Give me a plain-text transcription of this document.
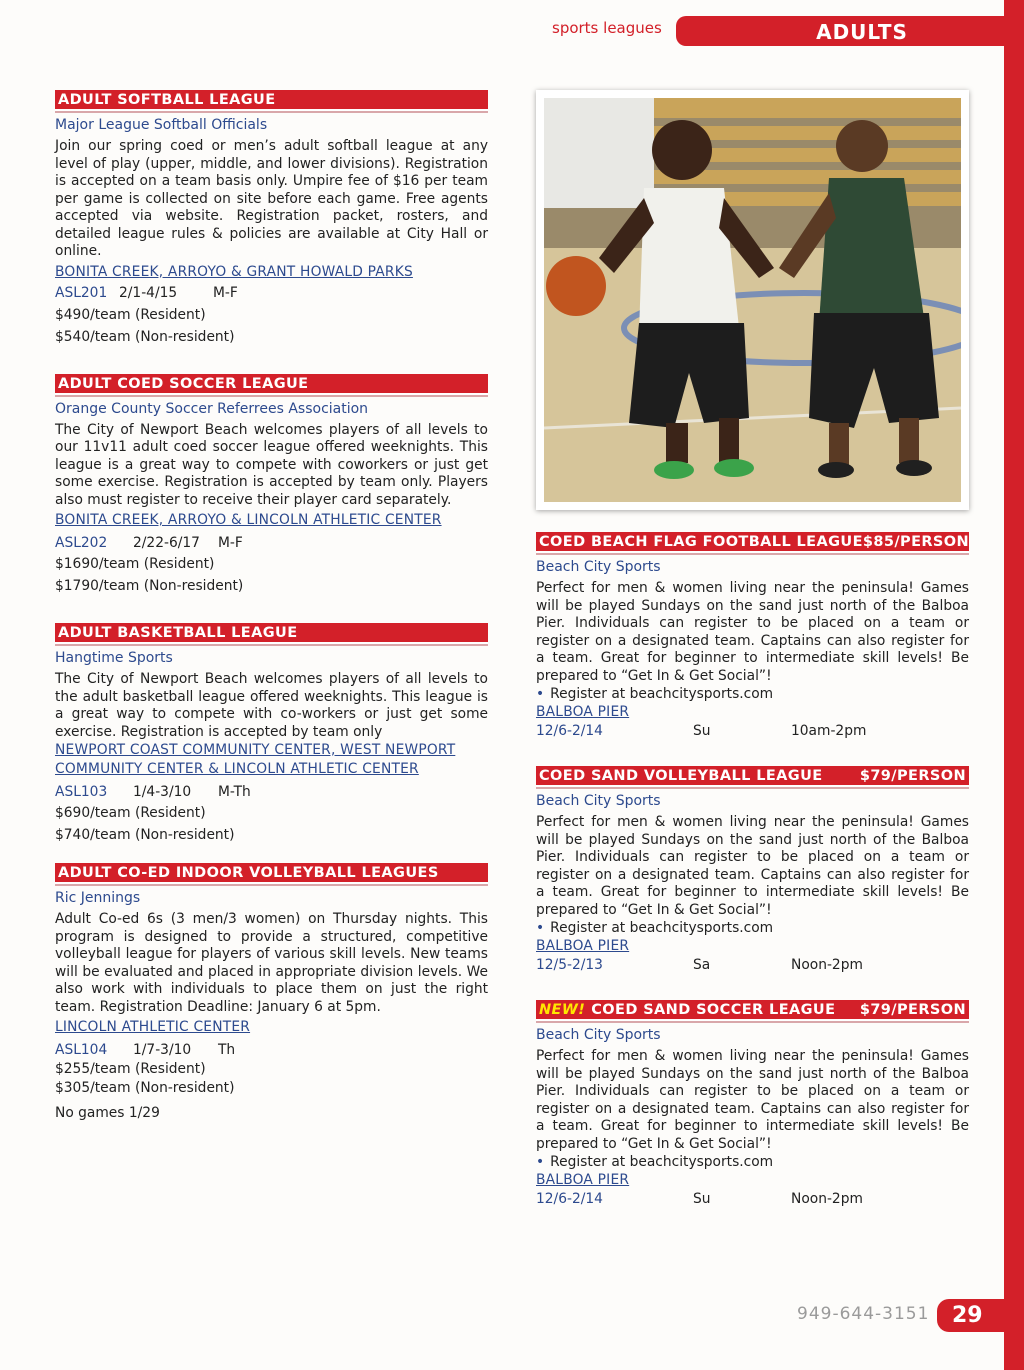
sports leagues	ADULTS
ADULT SOFTBALL LEAGUE
Major League Softball Officials
Join our spring coed or men’s adult softball league at any level of play (upper, middle, and lower divisions). Registration is accepted on a team basis only. Umpire fee of $16 per team per game is collected on site before each game. Free agents accepted via website. Registration packet, rosters, and detailed league rules & policies are available at City Hall or online.
BONITA CREEK, ARROYO & GRANT HOWALD PARKS
ASL201 2/1-4/15	M-F
$490/team (Resident)
$540/team (Non-resident)
ADULT COED SOCCER LEAGUE
Orange County Soccer Referrees Association
The City of Newport Beach welcomes players of all levels to our 11v11 adult coed soccer league offered weeknights. This league is a great way to compete with coworkers or just get some exercise. Registration is accepted by team only. Players also must register to receive their player card separately.
BONITA CREEK, ARROYO & LINCOLN ATHLETIC CENTER
ASL202	2/22-6/17	M-F
$1690/team (Resident)
$1790/team (Non-resident)
ADULT BASKETBALL LEAGUE
Hangtime Sports
The City of Newport Beach welcomes players of all levels to the adult basketball league offered weeknights. This league is a great way to compete with co-workers or just get some exercise. Registration is accepted by team only
NEWPORT COAST COMMUNITY CENTER, WEST NEWPORT
COMMUNITY CENTER & LINCOLN ATHLETIC CENTER
ASL103	1/4-3/10	M-Th
$690/team (Resident)
$740/team (Non-resident)
ADULT CO-ED INDOOR VOLLEYBALL LEAGUES
Ric Jennings
Adult Co-ed 6s (3 men/3 women) on Thursday nights. This program is designed to provide a structured, competitive volleyball league for players of various skill levels. New teams will be evaluated and placed in appropriate division levels. We also work with individuals to place them on just the right team. Registration Deadline: January 6 at 5pm.
LINCOLN ATHLETIC CENTER
ASL104	1/7-3/10	Th
$255/team (Resident)
$305/team (Non-resident)
No games 1/29
COED BEACH FLAG FOOTBALL LEAGUE $85/PERSON
Beach City Sports
Perfect for men & women living near the peninsula! Games will be played Sundays on the sand just north of the Balboa Pier. Individuals can register to be placed on a team or register on a designated team. Captains can also register for a team. Great for beginner to intermediate skill levels! Be prepared to “Get In & Get Social”!
• Register at beachcitysports.com
BALBOA PIER
12/6-2/14	Su	10am-2pm
COED SAND VOLLEYBALL LEAGUE	$79/PERSON
Beach City Sports
Perfect for men & women living near the peninsula! Games will be played Sundays on the sand just north of the Balboa Pier. Individuals can register to be placed on a team or register on a designated team. Captains can also register for a team. Great for beginner to intermediate skill levels! Be prepared to “Get In & Get Social”!
• Register at beachcitysports.com
BALBOA PIER
12/5-2/13	Sa	Noon-2pm
NEW! COED SAND SOCCER LEAGUE $79/PERSON
Beach City Sports
Perfect for men & women living near the peninsula! Games will be played Sundays on the sand just north of the Balboa Pier. Individuals can register to be placed on a team or register on a designated team. Captains can also register for a team. Great for beginner to intermediate skill levels! Be prepared to “Get In & Get Social”!
• Register at beachcitysports.com
BALBOA PIER
12/6-2/14	Su	Noon-2pm
949-644-3151	29
